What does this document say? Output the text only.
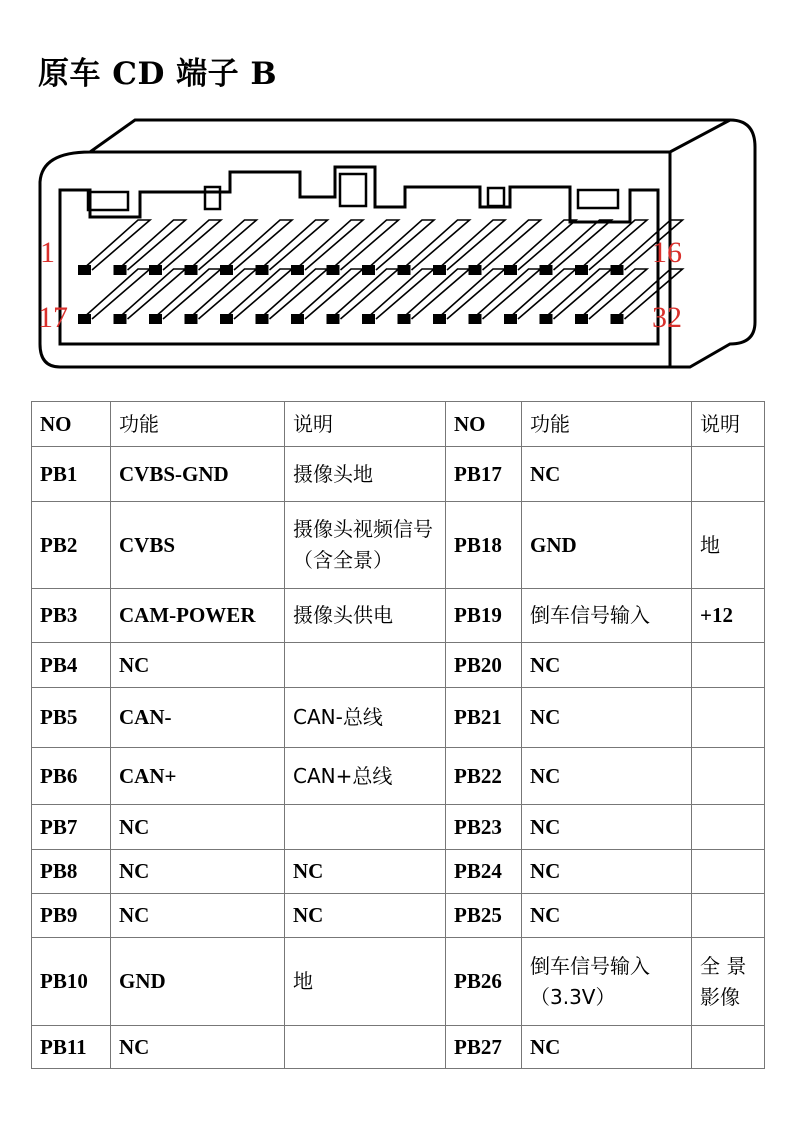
原车 CD 端子 B
1	16
17	32
NO	功能	说明	NO	功能	说明
PB1	CVBS-GND	摄像头地	PB17	NC	
PB2	CVBS	摄像头视频信号（含全景）	PB18	GND	地
PB3	CAM-POWER	摄像头供电	PB19	倒车信号输入	+12
PB4	NC		PB20	NC	
PB5	CAN-	CAN-总线	PB21	NC	
PB6	CAN+	CAN+总线	PB22	NC	
PB7	NC		PB23	NC	
PB8	NC	NC	PB24	NC	
PB9	NC	NC	PB25	NC	
PB10	GND	地	PB26	倒车信号输入（3.3V）	全 景影像
PB11	NC		PB27	NC	
